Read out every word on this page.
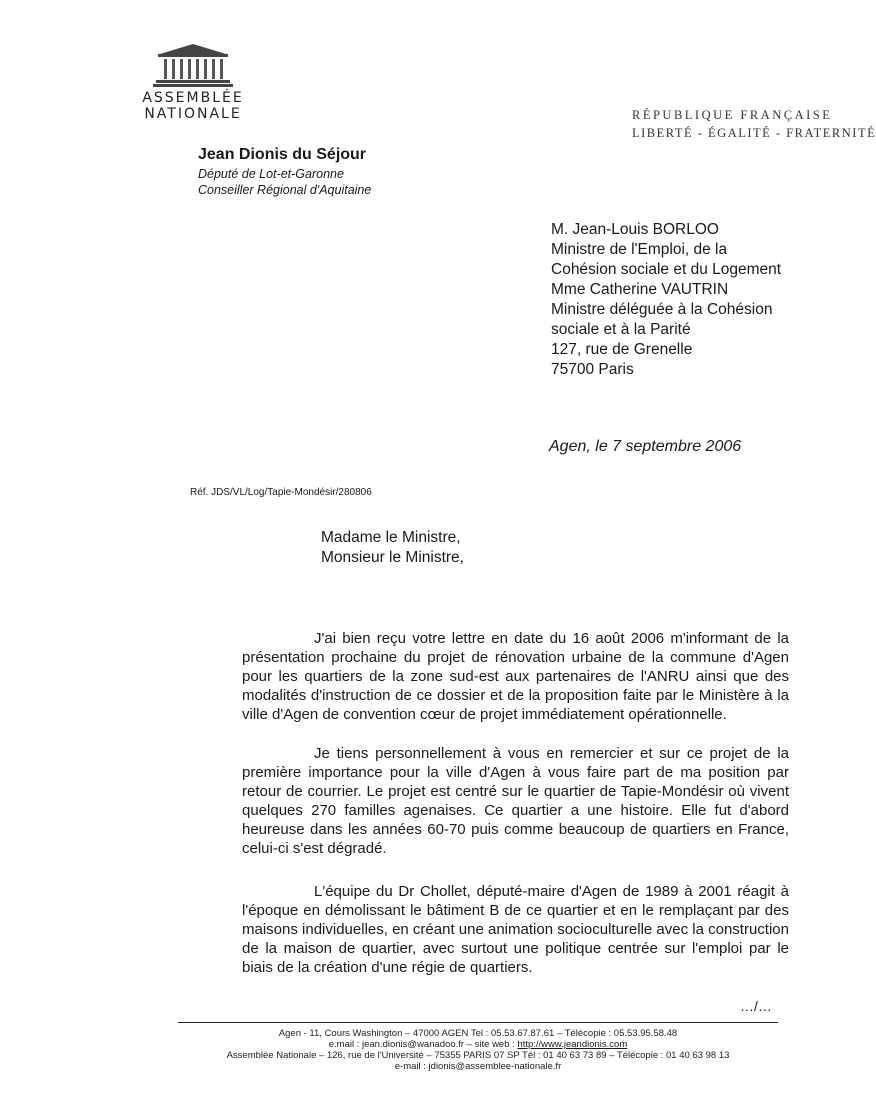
ASSEMBLÉE
NATIONALE	RÉPUBLIQUE FRANÇAISE
LIBERTÉ - ÉGALITÉ - FRATERNITÉ
Jean Dionis du Séjour
Député de Lot-et-Garonne
Conseiller Régional d'Aquitaine
M. Jean-Louis BORLOO
Ministre de l'Emploi, de la
Cohésion sociale et du Logement
Mme Catherine VAUTRIN
Ministre déléguée à la Cohésion
sociale et à la Parité
127, rue de Grenelle
75700 Paris
Agen, le 7 septembre 2006
Réf. JDS/VL/Log/Tapie-Mondésir/280806
Madame le Ministre,
Monsieur le Ministre,
J'ai bien reçu votre lettre en date du 16 août 2006 m'informant de la présentation prochaine du projet de rénovation urbaine de la commune d'Agen pour les quartiers de la zone sud-est aux partenaires de l'ANRU ainsi que des modalités d'instruction de ce dossier et de la proposition faite par le Ministère à la ville d'Agen de convention cœur de projet immédiatement opérationnelle.
Je tiens personnellement à vous en remercier et sur ce projet de la première importance pour la ville d'Agen à vous faire part de ma position par retour de courrier. Le projet est centré sur le quartier de Tapie-Mondésir où vivent quelques 270 familles agenaises. Ce quartier a une histoire. Elle fut d'abord heureuse dans les années 60-70 puis comme beaucoup de quartiers en France, celui-ci s'est dégradé.
L'équipe du Dr Chollet, député-maire d'Agen de 1989 à 2001 réagit à l'époque en démolissant le bâtiment B de ce quartier et en le remplaçant par des maisons individuelles, en créant une animation socioculturelle avec la construction de la maison de quartier, avec surtout une politique centrée sur l'emploi par le biais de la création d'une régie de quartiers.
…/…
Agen - 11, Cours Washington – 47000 AGEN Tel : 05.53.67.87.61 – Télécopie : 05.53.95.58.48
e.mail : jean.dionis@wanadoo.fr – site web : http://www.jeandionis.com
Assemblée Nationale – 126, rue de l'Université – 75355 PARIS 07 SP Tél : 01 40 63 73 89 – Télécopie : 01 40 63 98 13
e-mail : jdionis@assemblee-nationale.fr
